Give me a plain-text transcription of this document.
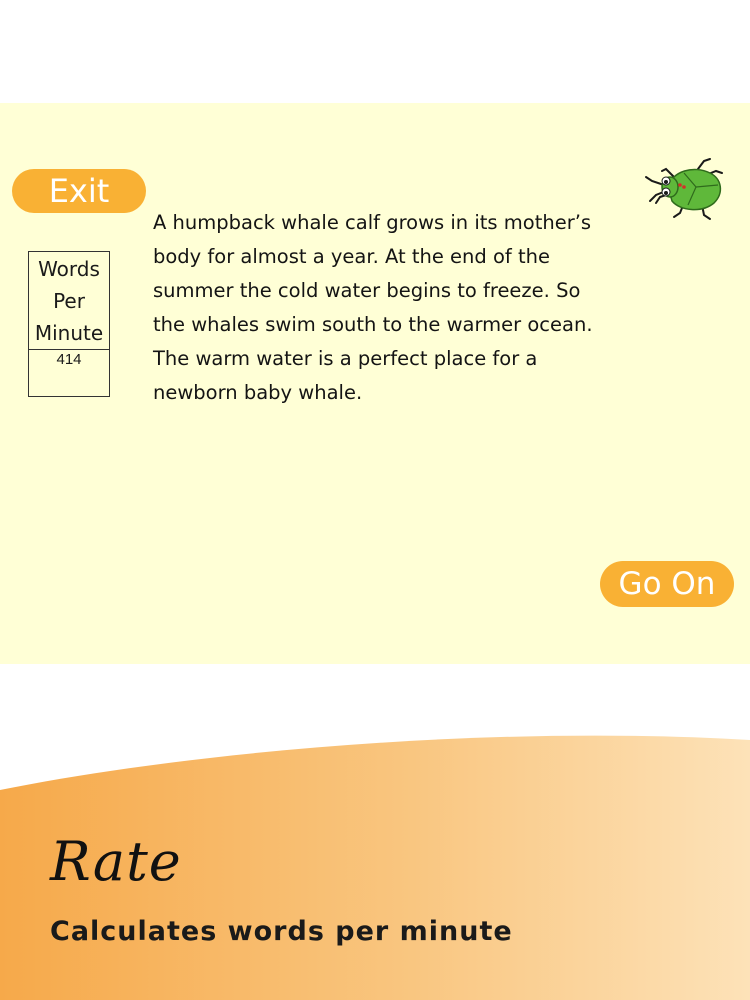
Exit
Words
Per
Minute
414
A humpback whale calf grows in its mother’s
body for almost a year. At the end of the
summer the cold water begins to freeze. So
the whales swim south to the warmer ocean.
The warm water is a perfect place for a
newborn baby whale.
Go On
Rate
Calculates words per minute
